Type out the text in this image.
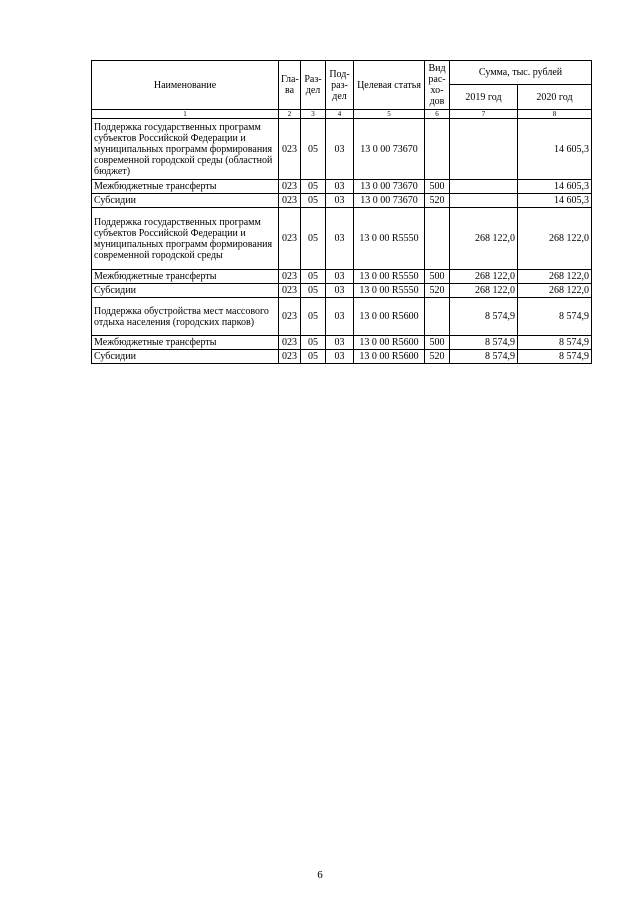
Наименование	Гла-ва	Раз-дел	Под-раз-дел	Целевая статья	Вид рас-хо-дов	Сумма, тыс. рублей	
						2019 год	2020 год
1	2	3	4	5	6	7	8
Поддержка государственных программ субъектов Российской Федерации и муниципальных программ формирования современной городской среды (областной бюджет)	023	05	03	13 0 00 73670			14 605,3
Межбюджетные трансферты	023	05	03	13 0 00 73670	500		14 605,3
Субсидии	023	05	03	13 0 00 73670	520		14 605,3
Поддержка государственных программ субъектов Российской Федерации и муниципальных программ формирования современной городской среды	023	05	03	13 0 00 R5550		268 122,0	268 122,0
Межбюджетные трансферты	023	05	03	13 0 00 R5550	500	268 122,0	268 122,0
Субсидии	023	05	03	13 0 00 R5550	520	268 122,0	268 122,0
Поддержка обустройства мест массового отдыха населения (городских парков)	023	05	03	13 0 00 R5600		8 574,9	8 574,9
Межбюджетные трансферты	023	05	03	13 0 00 R5600	500	8 574,9	8 574,9
Субсидии	023	05	03	13 0 00 R5600	520	8 574,9	8 574,9
6
